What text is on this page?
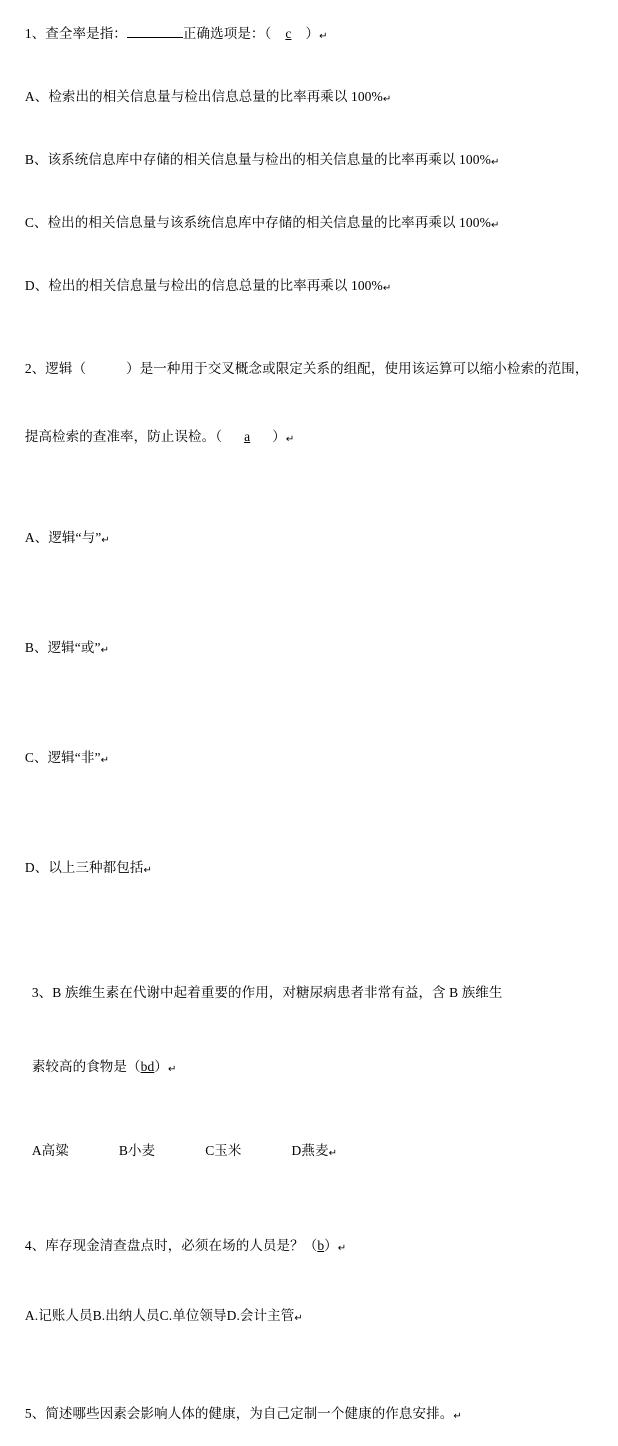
1、查全率是指：	正确选项是：（ c ）↵

A、检索出的相关信息量与检出信息总量的比率再乘以 100%↵

B、该系统信息库中存储的相关信息量与检出的相关信息量的比率再乘以 100%↵

C、检出的相关信息量与该系统信息库中存储的相关信息量的比率再乘以 100%↵

D、检出的相关信息量与检出的信息总量的比率再乘以 100%↵

2、逻辑（	）是一种用于交叉概念或限定关系的组配，使用该运算可以缩小检索的范围，

提高检索的查准率，防止误检。（ a ）↵

A、逻辑“与”↵

B、逻辑“或”↵

C、逻辑“非”↵

D、以上三种都包括↵

3、B 族维生素在代谢中起着重要的作用，对糖尿病患者非常有益，含 B 族维生

素较高的食物是（bd）↵

A高粱	B小麦	C玉米	D燕麦↵

4、库存现金清查盘点时，必须在场的人员是？（b）↵

A.记账人员B.出纳人员C.单位领导D.会计主管↵

5、简述哪些因素会影响人体的健康，为自己定制一个健康的作息安排。↵
